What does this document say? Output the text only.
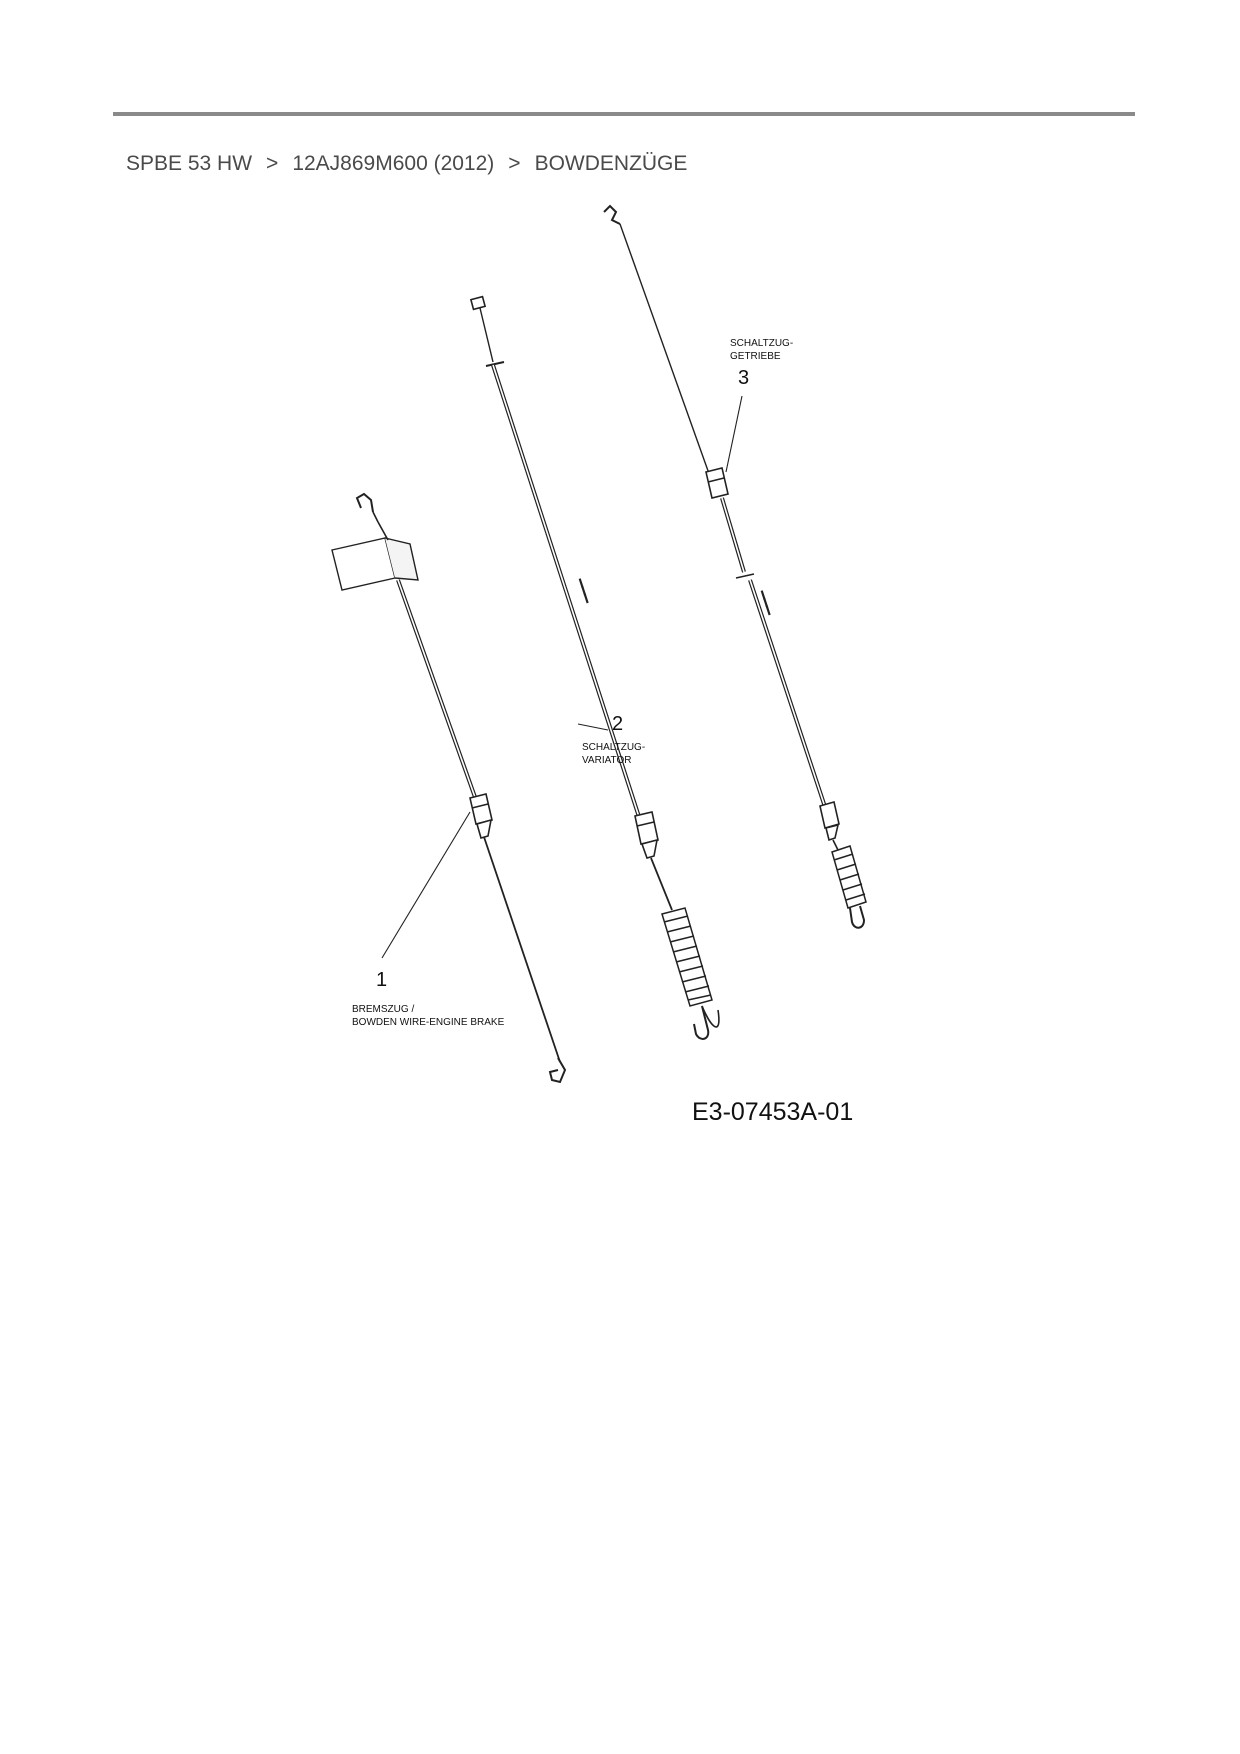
SPBE 53 HW > 12AJ869M600 (2012) > BOWDENZÜGE
———	———
1
BREMSZUG /
BOWDEN WIRE-ENGINE BRAKE
2
SCHALTZUG-
VARIATOR
3
SCHALTZUG-
GETRIEBE
E3-07453A-01
